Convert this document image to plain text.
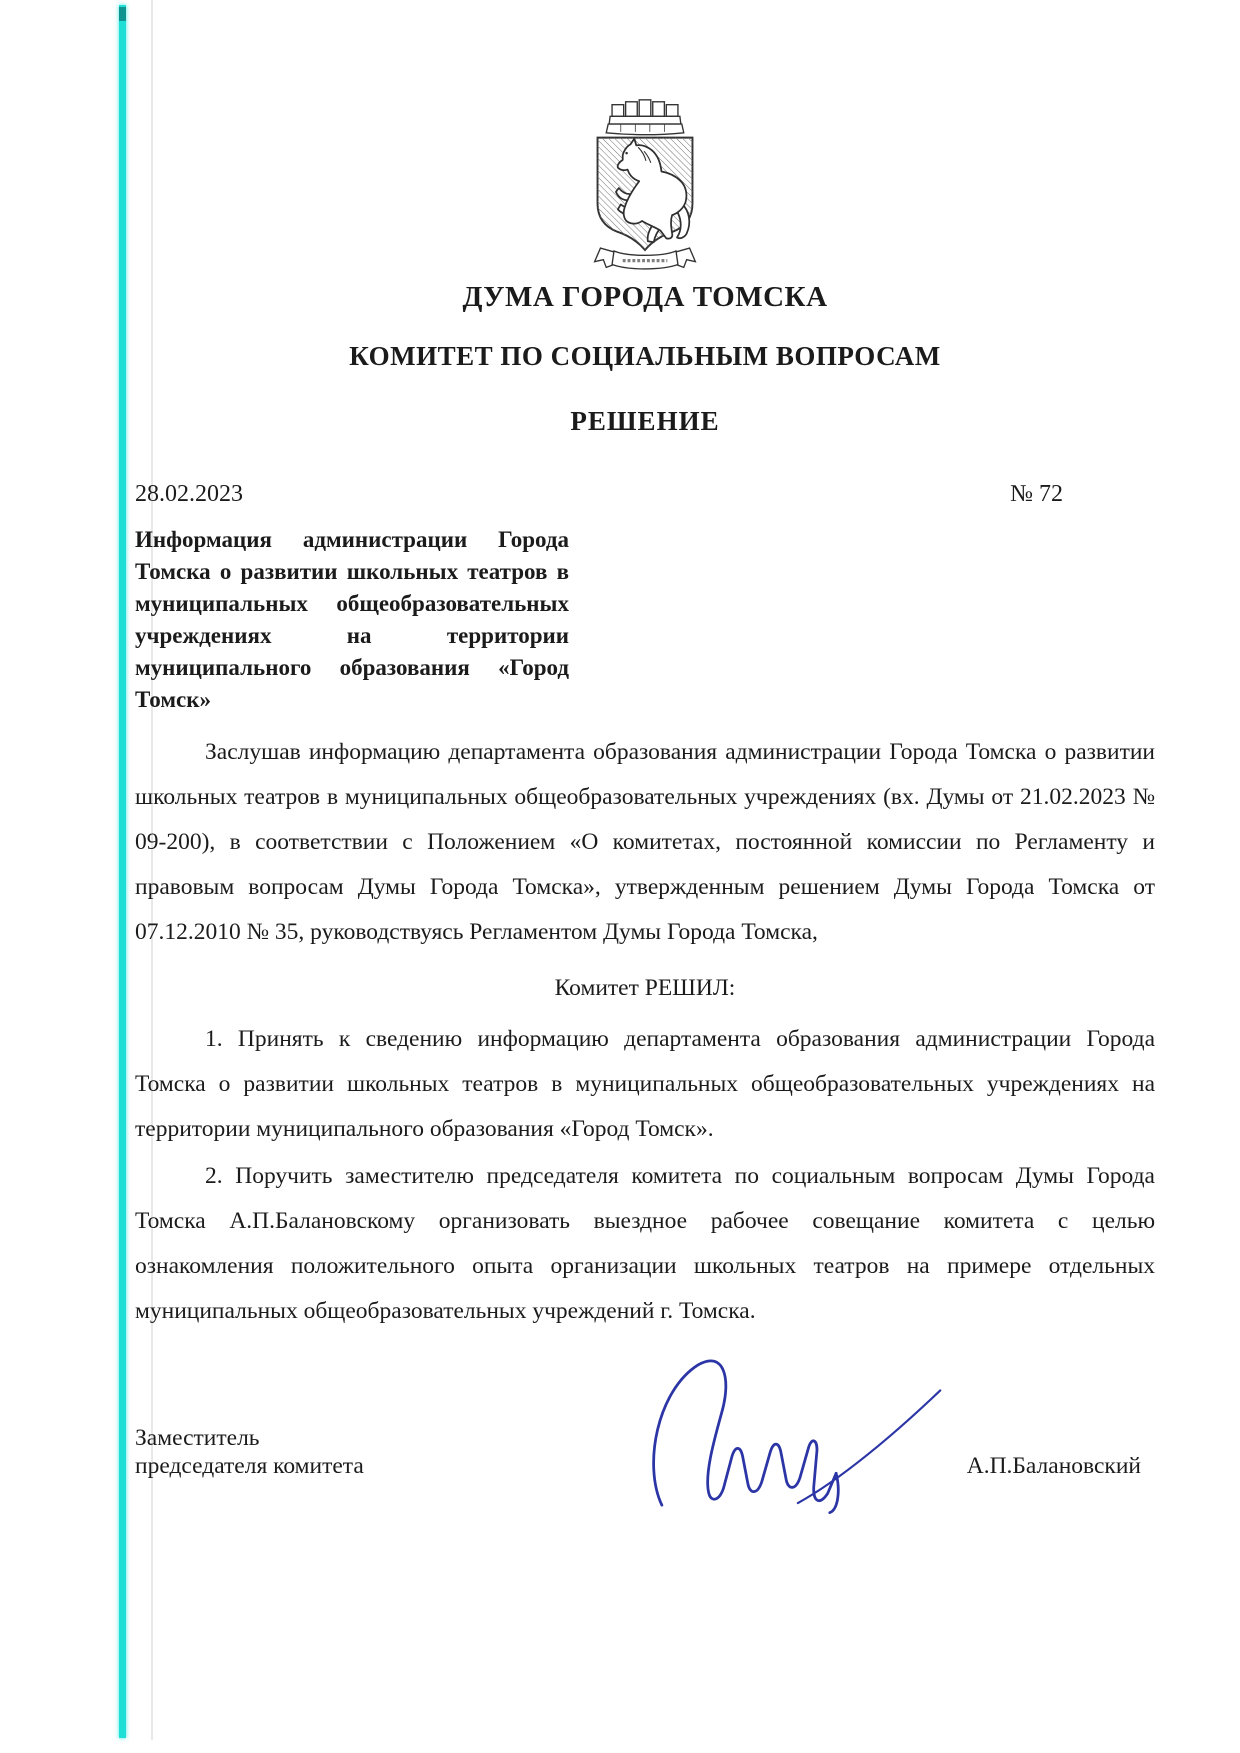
ДУМА ГОРОДА ТОМСКА
КОМИТЕТ ПО СОЦИАЛЬНЫМ ВОПРОСАМ
РЕШЕНИЕ
28.02.2023	№ 72
Информация администрации Города Томска о развитии школьных театров в муниципальных общеобразовательных учреждениях на территории муниципального образования «Город Томск»

Заслушав информацию департамента образования администрации Города Томска о развитии школьных театров в муниципальных общеобразовательных учреждениях (вх. Думы от 21.02.2023 № 09-200), в соответствии с Положением «О комитетах, постоянной комиссии по Регламенту и правовым вопросам Думы Города Томска», утвержденным решением Думы Города Томска от 07.12.2010 № 35, руководствуясь Регламентом Думы Города Томска,

Комитет РЕШИЛ:

1. Принять к сведению информацию департамента образования администрации Города Томска о развитии школьных театров в муниципальных общеобразовательных учреждениях на территории муниципального образования «Город Томск».

2. Поручить заместителю председателя комитета по социальным вопросам Думы Города Томска А.П.Балановскому организовать выездное рабочее совещание комитета с целью ознакомления положительного опыта организации школьных театров на примере отдельных муниципальных общеобразовательных учреждений г. Томска.

Заместитель
председателя комитета	А.П.Балановский
